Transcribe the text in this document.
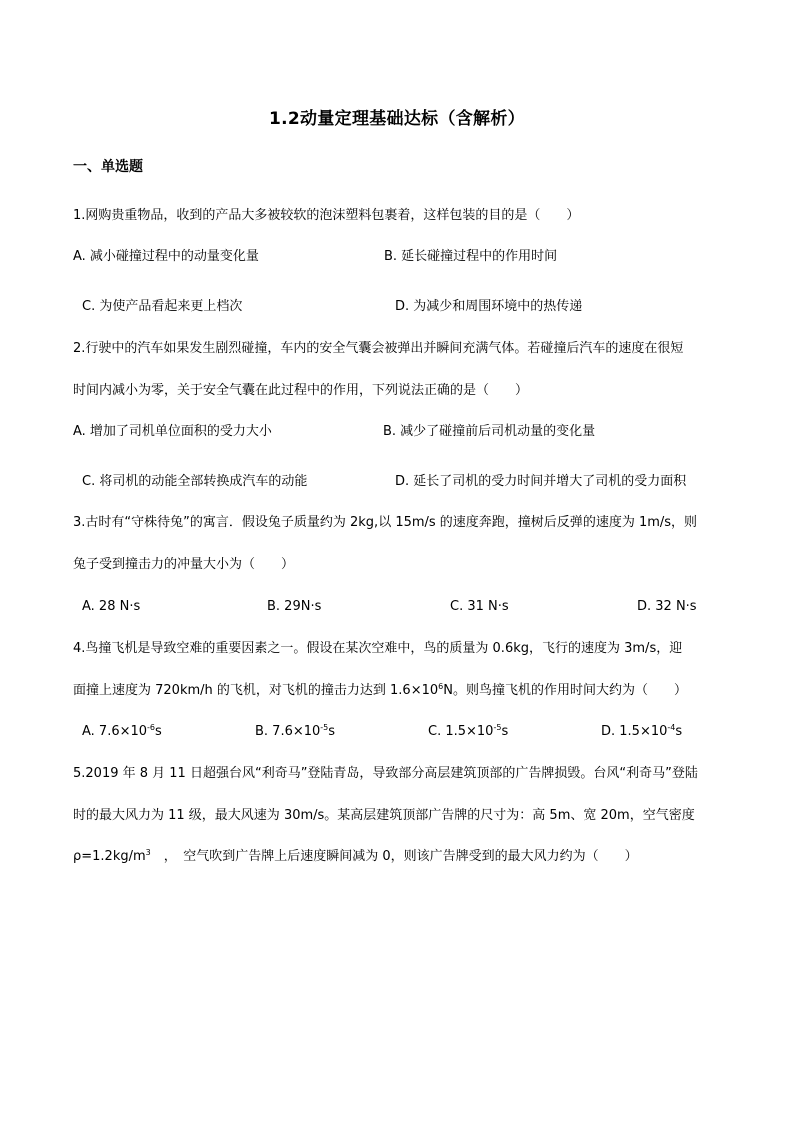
1.2动量定理基础达标（含解析）
一、单选题
1.网购贵重物品，收到的产品大多被较软的泡沫塑料包裹着，这样包装的目的是（　　）
A. 减小碰撞过程中的动量变化量	B. 延长碰撞过程中的作用时间
C. 为使产品看起来更上档次	D. 为减少和周围环境中的热传递
2.行驶中的汽车如果发生剧烈碰撞，车内的安全气囊会被弹出并瞬间充满气体。若碰撞后汽车的速度在很短
时间内减小为零，关于安全气囊在此过程中的作用，下列说法正确的是（　　）
A. 增加了司机单位面积的受力大小	B. 减少了碰撞前后司机动量的变化量
C. 将司机的动能全部转换成汽车的动能	D. 延长了司机的受力时间并增大了司机的受力面积
3.古时有“守株待兔”的寓言．假设兔子质量约为 2kg,以 15m/s 的速度奔跑，撞树后反弹的速度为 1m/s，则
兔子受到撞击力的冲量大小为（　　）
A. 28 N·s	B. 29N·s	C. 31 N·s	D. 32 N·s
4.鸟撞飞机是导致空难的重要因素之一。假设在某次空难中，鸟的质量为 0.6kg，飞行的速度为 3m/s，迎
面撞上速度为 720km/h 的飞机，对飞机的撞击力达到 $1.6\times 10^6N$。则鸟撞飞机的作用时间大约为（　　）
A. $7.6\times 10^{-6}s$	B. $7.6\times 10^{-5}s$	C. $1.5\times 10^{-5}s$	D. $1.5\times 10^{-4}s$
5.2019 年 8 月 11 日超强台风“利奇马”登陆青岛，导致部分高层建筑顶部的广告牌损毁。台风“利奇马”登陆
时的最大风力为 11 级，最大风速为 30m/s。某高层建筑顶部广告牌的尺寸为：高 5m、宽 20m，空气密度
$\rho=1.2kg/m^3$　，　空气吹到广告牌上后速度瞬间减为 0，则该广告牌受到的最大风力约为（　　）
